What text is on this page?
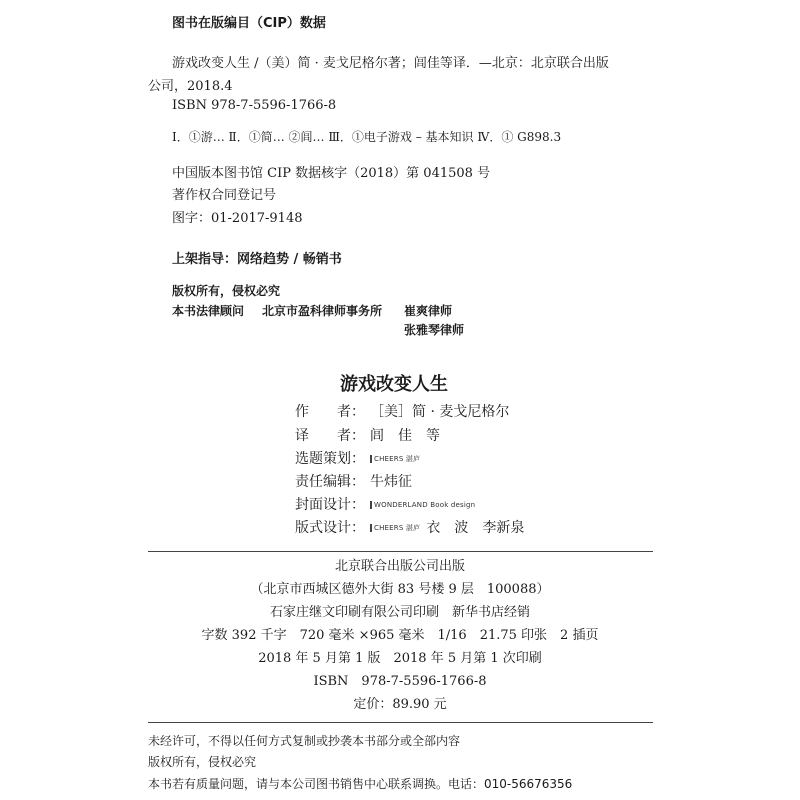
图书在版编目（CIP）数据
游戏改变人生 /（美）简 · 麦戈尼格尔著；闾佳等译．—北京：北京联合出版
公司，2018.4
ISBN 978-7-5596-1766-8
Ⅰ．①游… Ⅱ．①简… ②闾… Ⅲ．①电子游戏 – 基本知识 Ⅳ．① G898.3
中国版本图书馆 CIP 数据核字（2018）第 041508 号
著作权合同登记号
图字：01-2017-9148
上架指导：网络趋势 / 畅销书
版权所有，侵权必究
本书法律顾问 北京市盈科律师事务所 崔爽律师
张雅琴律师
游戏改变人生
作　　者： ［美］简 · 麦戈尼格尔
译　　者： 闾　佳　等
选题策划： CHEERS 湛庐
责任编辑： 牛炜征
封面设计： WONDERLAND Book design
版式设计： CHEERS 湛庐 衣　波　李新泉
北京联合出版公司出版
（北京市西城区德外大街 83 号楼 9 层　100088）
石家庄继文印刷有限公司印刷　新华书店经销
字数 392 千字　720 毫米 ×965 毫米　1/16　21.75 印张　2 插页
2018 年 5 月第 1 版　2018 年 5 月第 1 次印刷
ISBN　978-7-5596-1766-8
定价：89.90 元
未经许可，不得以任何方式复制或抄袭本书部分或全部内容
版权所有，侵权必究
本书若有质量问题，请与本公司图书销售中心联系调换。电话：010-56676356
